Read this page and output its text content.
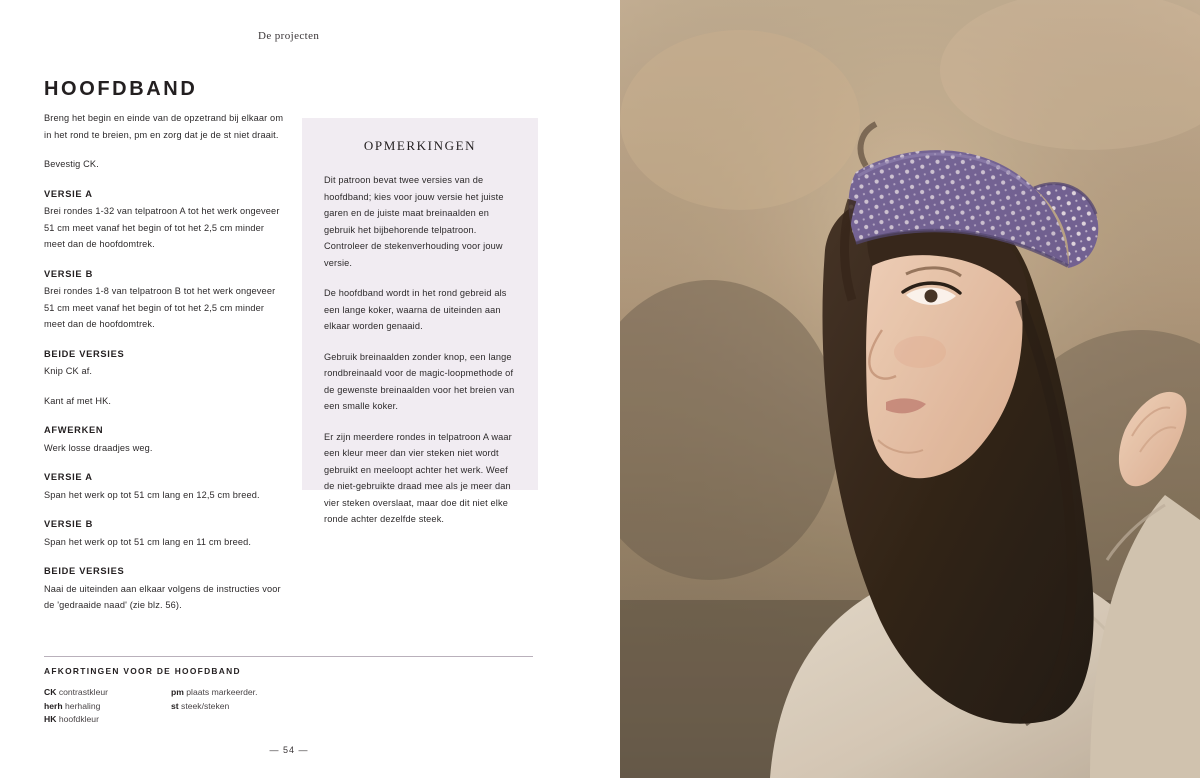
De projecten
HOOFDBAND

Breng het begin en einde van de opzetrand bij elkaar om in het rond te breien, pm en zorg dat je de st niet draait.

Bevestig CK.

VERSIE A

Brei rondes 1-32 van telpatroon A tot het werk ongeveer 51 cm meet vanaf het begin of tot het 2,5 cm minder meet dan de hoofdomtrek.

VERSIE B

Brei rondes 1-8 van telpatroon B tot het werk ongeveer 51 cm meet vanaf het begin of tot het 2,5 cm minder meet dan de hoofdomtrek.

BEIDE VERSIES

Knip CK af.

Kant af met HK.

AFWERKEN

Werk losse draadjes weg.

VERSIE A

Span het werk op tot 51 cm lang en 12,5 cm breed.

VERSIE B

Span het werk op tot 51 cm lang en 11 cm breed.

BEIDE VERSIES

Naai de uiteinden aan elkaar volgens de instructies voor de 'gedraaide naad' (zie blz. 56).

OPMERKINGEN

Dit patroon bevat twee versies van de hoofdband; kies voor jouw versie het juiste garen en de juiste maat breinaalden en gebruik het bijbehorende telpatroon. Controleer de stekenverhouding voor jouw versie.

De hoofdband wordt in het rond gebreid als een lange koker, waarna de uiteinden aan elkaar worden genaaid.

Gebruik breinaalden zonder knop, een lange rondbreinaald voor de magic-loopmethode of de gewenste breinaalden voor het breien van een smalle koker.

Er zijn meerdere rondes in telpatroon A waar een kleur meer dan vier steken niet wordt gebruikt en meeloopt achter het werk. Weef de niet-gebruikte draad mee als je meer dan vier steken overslaat, maar doe dit niet elke ronde achter dezelfde steek.

AFKORTINGEN VOOR DE HOOFDBAND
CK contrastkleur
herh herhaling
HK hoofdkleur
pm plaats markeerder.
st steek/steken
— 54 —
